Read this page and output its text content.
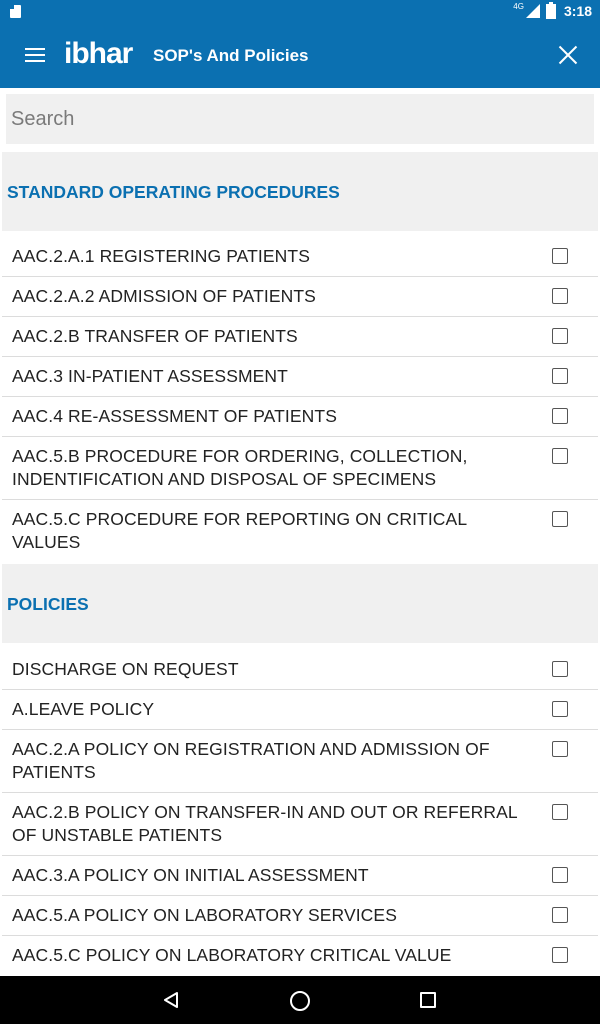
4G	3:18
ibhar SOP's And Policies
Search
STANDARD OPERATING PROCEDURES
AAC.2.A.1 REGISTERING PATIENTS
AAC.2.A.2 ADMISSION OF PATIENTS
AAC.2.B TRANSFER OF PATIENTS
AAC.3 IN-PATIENT ASSESSMENT
AAC.4 RE-ASSESSMENT OF PATIENTS
AAC.5.B PROCEDURE FOR ORDERING, COLLECTION, INDENTIFICATION AND DISPOSAL OF SPECIMENS
AAC.5.C PROCEDURE FOR REPORTING ON CRITICAL VALUES
POLICIES
DISCHARGE ON REQUEST
A.LEAVE POLICY
AAC.2.A POLICY ON REGISTRATION AND ADMISSION OF PATIENTS
AAC.2.B POLICY ON TRANSFER-IN AND OUT OR REFERRAL OF UNSTABLE PATIENTS
AAC.3.A POLICY ON INITIAL ASSESSMENT
AAC.5.A POLICY ON LABORATORY SERVICES
AAC.5.C POLICY ON LABORATORY CRITICAL VALUE
